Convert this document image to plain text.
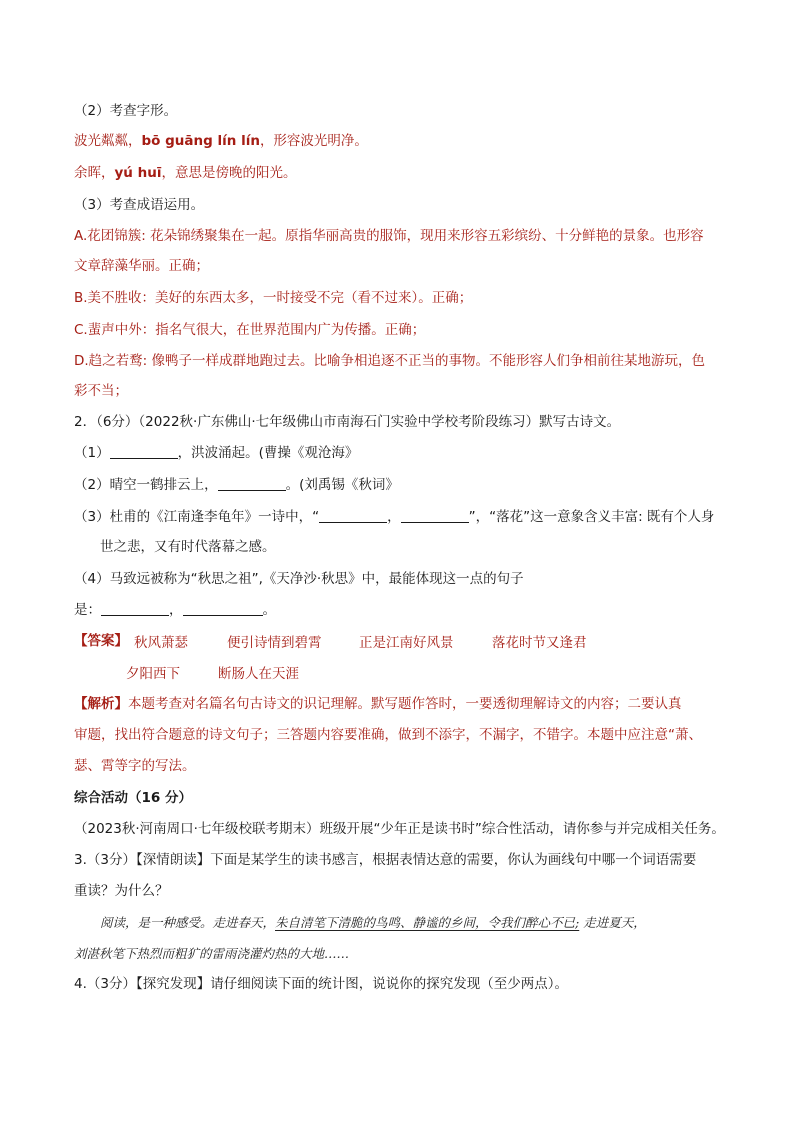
（2）考查字形。
波光粼粼，bō guāng lín lín，形容波光明净。
余晖，yú huī，意思是傍晚的阳光。
（3）考查成语运用。
A.花团锦簇: 花朵锦绣聚集在一起。原指华丽高贵的服饰，现用来形容五彩缤纷、十分鲜艳的景象。也形容
文章辞藻华丽。正确；
B.美不胜收：美好的东西太多，一时接受不完（看不过来）。正确；
C.蜚声中外：指名气很大，在世界范围内广为传播。正确；
D.趋之若鹜: 像鸭子一样成群地跑过去。比喻争相追逐不正当的事物。不能形容人们争相前往某地游玩，色
彩不当；
2．（6分）（2022秋·广东佛山·七年级佛山市南海石门实验中学校考阶段练习）默写古诗文。
（1）	，洪波涌起。(曹操《观沧海》
（2）晴空一鹤排云上，	。(刘禹锡《秋词》
（3）杜甫的《江南逢李龟年》一诗中，“	，	”，“落花”这一意象含义丰富: 既有个人身
世之悲，又有时代落幕之感。
（4）马致远被称为“秋思之祖”,《天净沙·秋思》中，最能体现这一点的句子
是：	，	。
【答案】 秋风萧瑟	便引诗情到碧霄	正是江南好风景	落花时节又逢君
夕阳西下	断肠人在天涯
【解析】本题考查对名篇名句古诗文的识记理解。默写题作答时，一要透彻理解诗文的内容；二要认真
审题，找出符合题意的诗文句子；三答题内容要准确，做到不添字，不漏字，不错字。本题中应注意“萧、
瑟、霄等字的写法。
综合活动（16 分）
（2023秋·河南周口·七年级校联考期末）班级开展“少年正是读书时”综合性活动，请你参与并完成相关任务。
3.（3分）【深情朗读】下面是某学生的读书感言，根据表情达意的需要，你认为画线句中哪一个词语需要
重读？为什么？
阅读，是一种感受。走进春天，朱自清笔下清脆的鸟鸣、静谧的乡间，令我们醉心不已; 走进夏天，
刘湛秋笔下热烈而粗犷的雷雨浇灌灼热的大地……
4.（3分）【探究发现】请仔细阅读下面的统计图，说说你的探究发现（至少两点）。
